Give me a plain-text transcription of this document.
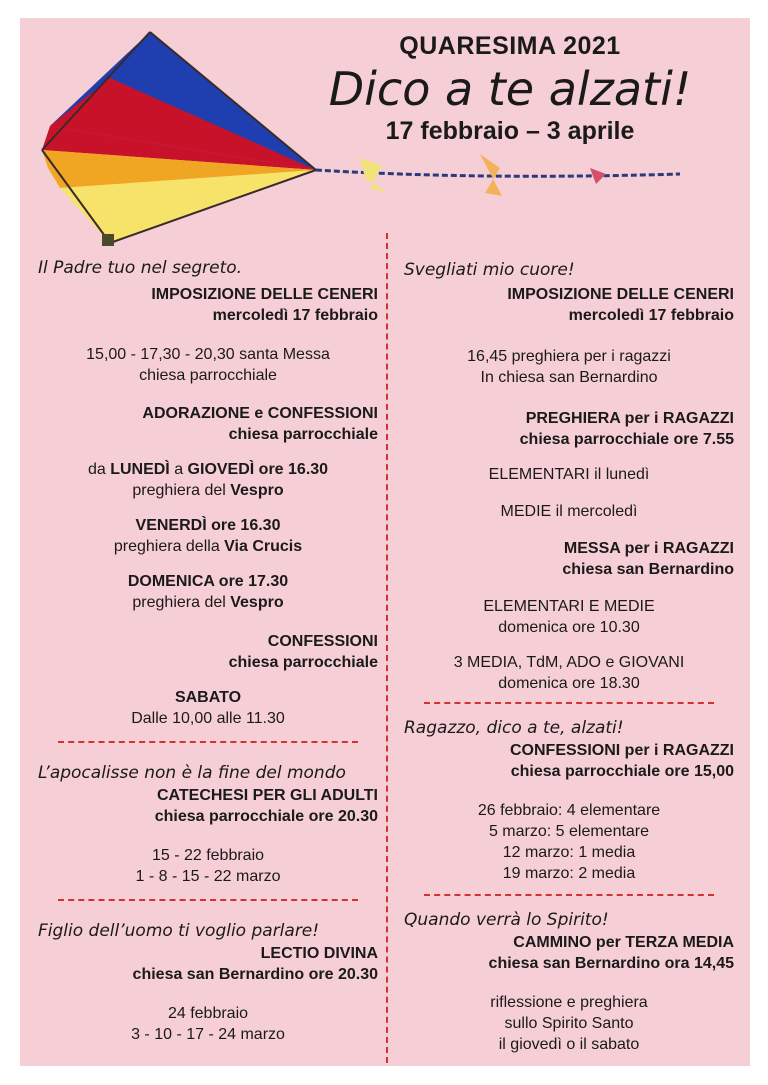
QUARESIMA 2021
Dico a te alzati!
17 febbraio – 3 aprile

Il Padre tuo nel segreto.

IMPOSIZIONE DELLE CENERI
mercoledì 17 febbraio
15,00 - 17,30 - 20,30 santa Messa
chiesa parrocchiale
ADORAZIONE e CONFESSIONI
chiesa parrocchiale
da LUNEDÌ a GIOVEDÌ ore 16.30
preghiera del Vespro
VENERDÌ ore 16.30
preghiera della Via Crucis
DOMENICA ore 17.30
preghiera del Vespro
CONFESSIONI
chiesa parrocchiale
SABATO
Dalle 10,00 alle 11.30

L’apocalisse non è la fine del mondo

CATECHESI PER GLI ADULTI
chiesa parrocchiale ore 20.30
15 - 22 febbraio
1 - 8 - 15 - 22 marzo

Figlio dell’uomo ti voglio parlare!

LECTIO DIVINA
chiesa san Bernardino ore 20.30
24 febbraio
3 - 10 - 17 - 24 marzo

Svegliati mio cuore!

IMPOSIZIONE DELLE CENERI
mercoledì 17 febbraio
16,45 preghiera per i ragazzi
In chiesa san Bernardino
PREGHIERA per i RAGAZZI
chiesa parrocchiale ore 7.55
ELEMENTARI il lunedì
MEDIE il mercoledì
MESSA per i RAGAZZI
chiesa san Bernardino
ELEMENTARI E MEDIE
domenica ore 10.30
3 MEDIA, TdM, ADO e GIOVANI
domenica ore 18.30

Ragazzo, dico a te, alzati!

CONFESSIONI per i RAGAZZI
chiesa parrocchiale ore 15,00
26 febbraio: 4 elementare
5 marzo: 5 elementare
12 marzo: 1 media
19 marzo: 2 media

Quando verrà lo Spirito!

CAMMINO per TERZA MEDIA
chiesa san Bernardino ora 14,45
riflessione e preghiera
sullo Spirito Santo
il giovedì o il sabato
